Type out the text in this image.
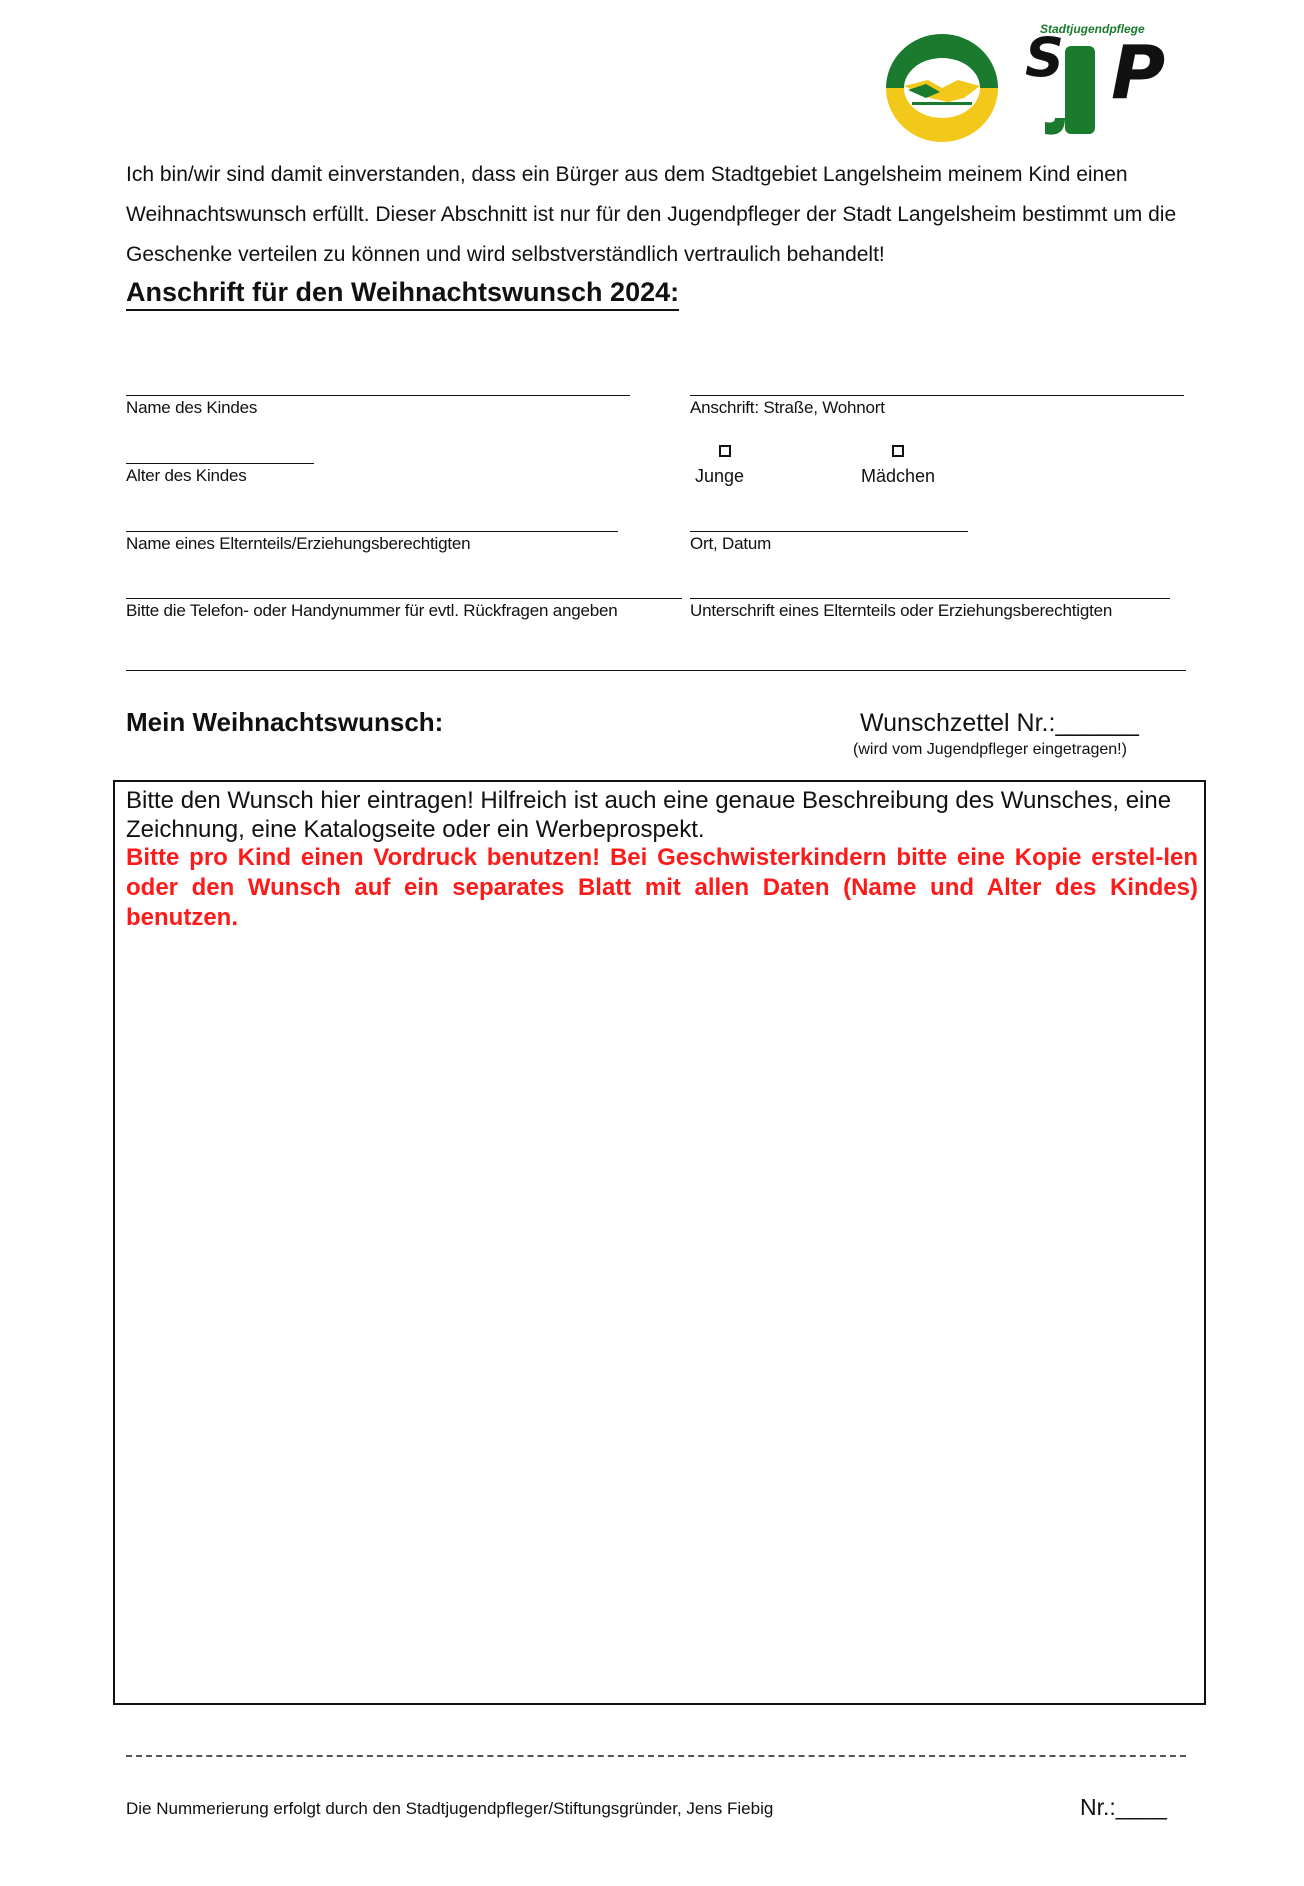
S P
Stadtjugendpflege
Ich bin/wir sind damit einverstanden, dass ein Bürger aus dem Stadtgebiet Langelsheim meinem Kind einen Weihnachtswunsch erfüllt. Dieser Abschnitt ist nur für den Jugendpfleger der Stadt Langelsheim bestimmt um die Geschenke verteilen zu können und wird selbstverständlich vertraulich behandelt!
Anschrift für den Weihnachtswunsch 2024:
Name des Kindes	Anschrift: Straße, Wohnort
Alter des Kindes	Junge	Mädchen
Name eines Elternteils/Erziehungsberechtigten	Ort, Datum
Bitte die Telefon- oder Handynummer für evtl. Rückfragen angeben	Unterschrift eines Elternteils oder Erziehungsberechtigten
Mein Weihnachtswunsch:	Wunschzettel Nr.:______
(wird vom Jugendpfleger eingetragen!)
Bitte den Wunsch hier eintragen! Hilfreich ist auch eine genaue Beschreibung des Wunsches, eine Zeichnung, eine Katalogseite oder ein Werbeprospekt.
Bitte pro Kind einen Vordruck benutzen! Bei Geschwisterkindern bitte eine Kopie erstel-len oder den Wunsch auf ein separates Blatt mit allen Daten (Name und Alter des Kindes) benutzen.
Die Nummerierung erfolgt durch den Stadtjugendpfleger/Stiftungsgründer, Jens Fiebig	Nr.:____
